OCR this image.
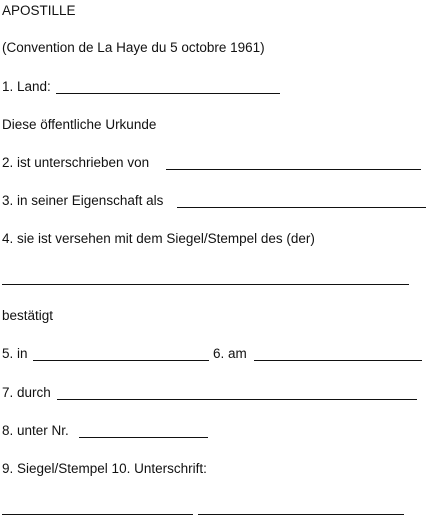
APOSTILLE
(Convention de La Haye du 5 octobre 1961)
1. Land:
Diese öffentliche Urkunde
2. ist unterschrieben von
3. in seiner Eigenschaft als
4. sie ist versehen mit dem Siegel/Stempel des (der)
bestätigt
5. in	6. am
7. durch
8. unter Nr.
9. Siegel/Stempel 10. Unterschrift:
